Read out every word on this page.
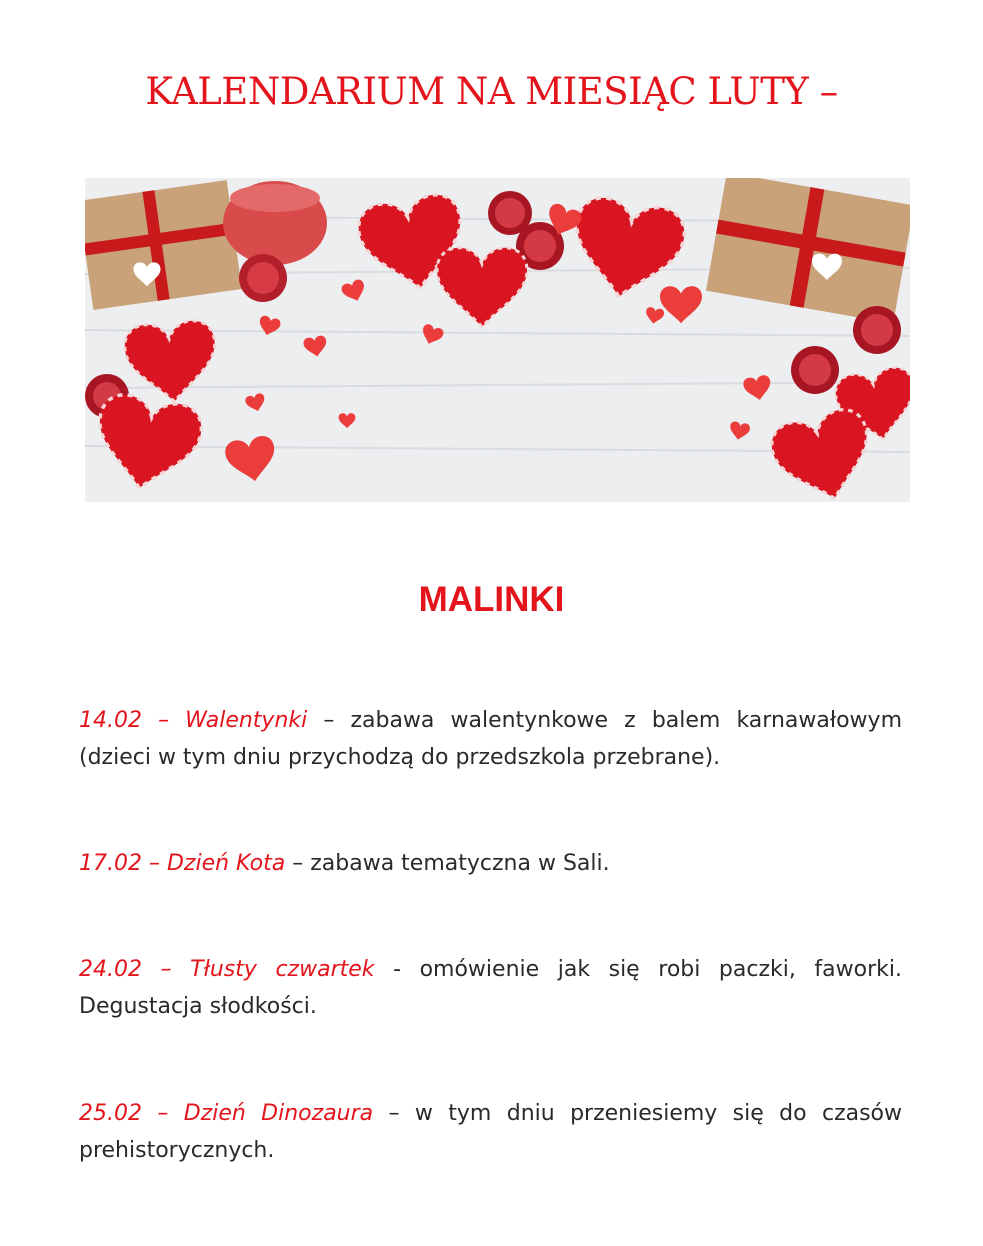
KALENDARIUM NA MIESIĄC LUTY –
MALINKI

14.02 – Walentynki – zabawa walentynkowe z balem karnawałowym (dzieci w tym dniu przychodzą do przedszkola przebrane).

17.02 – Dzień Kota – zabawa tematyczna w Sali.

24.02 – Tłusty czwartek - omówienie jak się robi paczki, faworki. Degustacja słodkości.

25.02 – Dzień Dinozaura – w tym dniu przeniesiemy się do czasów prehistorycznych.
